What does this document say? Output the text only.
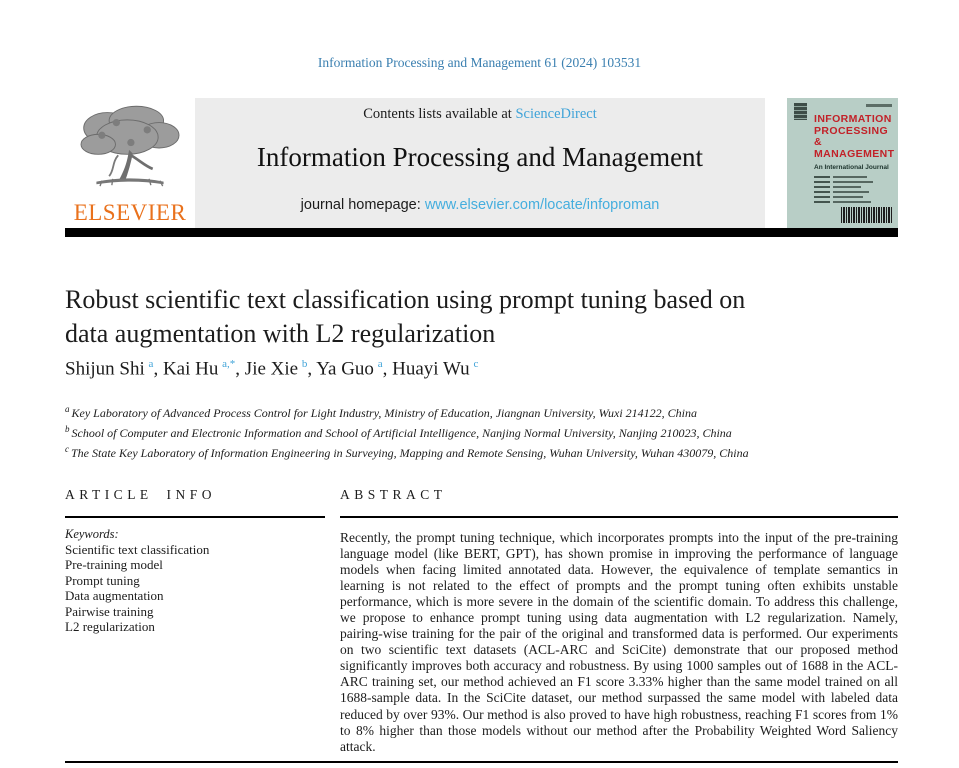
Information Processing and Management 61 (2024) 103531
ELSEVIER
Contents lists available at ScienceDirect
Information Processing and Management
journal homepage: www.elsevier.com/locate/infoproman
INFORMATION
PROCESSING
&
MANAGEMENT
An International Journal
Robust scientific text classification using prompt tuning based on
data augmentation with L2 regularization
Shijun Shi  $^a$, Kai Hu  $^{a,*}$, Jie Xie  $^b$, Ya Guo  $^a$, Huayi Wu  $^c$
$^a$ Key Laboratory of Advanced Process Control for Light Industry, Ministry of Education, Jiangnan University, Wuxi 214122, China
$^b$ School of Computer and Electronic Information and School of Artificial Intelligence, Nanjing Normal University, Nanjing 210023, China
$^c$ The State Key Laboratory of Information Engineering in Surveying, Mapping and Remote Sensing, Wuhan University, Wuhan 430079, China
ARTICLE INFO
Keywords:
Scientific text classification
Pre-training model
Prompt tuning
Data augmentation
Pairwise training
L2 regularization
ABSTRACT
Recently, the prompt tuning technique, which incorporates prompts into the input of the pre-training language model (like BERT, GPT), has shown promise in improving the performance of language models when facing limited annotated data. However, the equivalence of template semantics in learning is not related to the effect of prompts and the prompt tuning often exhibits unstable performance, which is more severe in the domain of the scientific domain. To address this challenge, we propose to enhance prompt tuning using data augmentation with L2 regularization. Namely, pairing-wise training for the pair of the original and transformed data is performed. Our experiments on two scientific text datasets (ACL-ARC and SciCite) demonstrate that our proposed method significantly improves both accuracy and robustness. By using 1000 samples out of 1688 in the ACL-ARC training set, our method achieved an F1 score 3.33% higher than the same model trained on all 1688-sample data. In the SciCite dataset, our method surpassed the same model with labeled data reduced by over 93%. Our method is also proved to have high robustness, reaching F1 scores from 1% to 8% higher than those models without our method after the Probability Weighted Word Saliency attack.
